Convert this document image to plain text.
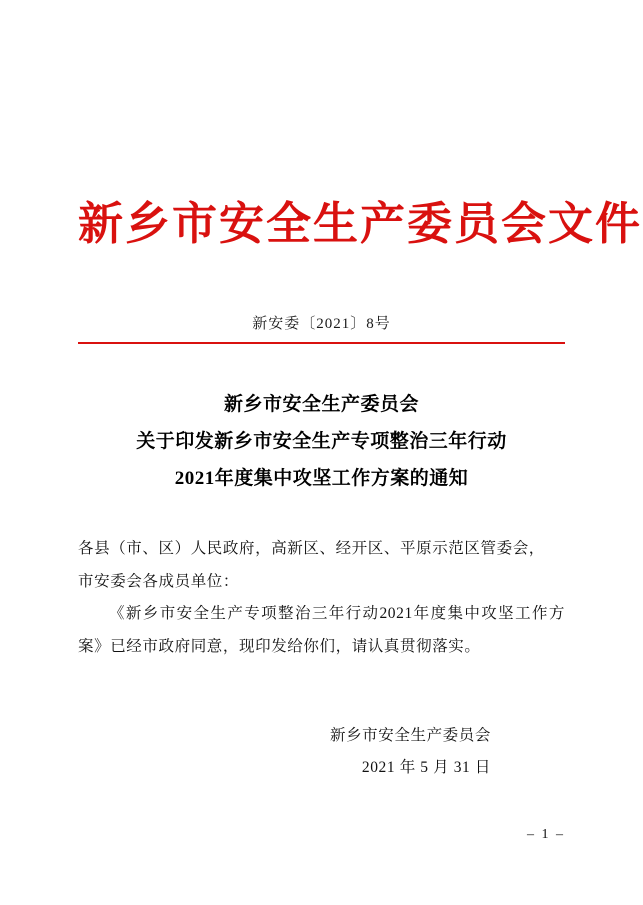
新乡市安全生产委员会文件
新安委〔2021〕8号
新乡市安全生产委员会
关于印发新乡市安全生产专项整治三年行动
2021年度集中攻坚工作方案的通知

各县（市、区）人民政府，高新区、经开区、平原示范区管委会，

市安委会各成员单位：

《新乡市安全生产专项整治三年行动2021年度集中攻坚工作方案》已经市政府同意，现印发给你们，请认真贯彻落实。

新乡市安全生产委员会
2021 年 5 月 31 日
– 1 –
